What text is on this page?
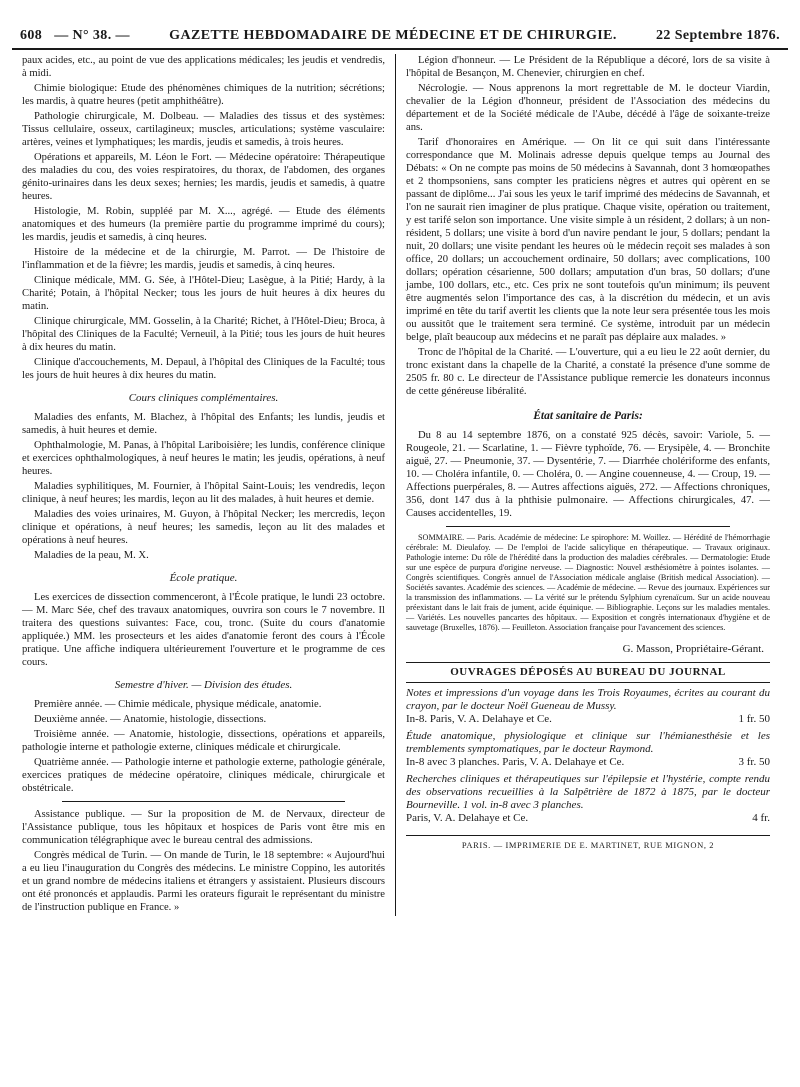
608 — N° 38. —	GAZETTE HEBDOMADAIRE DE MÉDECINE ET DE CHIRURGIE.	22 Septembre 1876.

paux acides, etc., au point de vue des applications médicales; les jeudis et vendredis, à midi.

Chimie biologique: Etude des phénomènes chimiques de la nutrition; sécrétions; les mardis, à quatre heures (petit amphithéâtre).

Pathologie chirurgicale, M. Dolbeau. — Maladies des tissus et des systèmes: Tissus cellulaire, osseux, cartilagineux; muscles, articulations; système vasculaire: artères, veines et lymphatiques; les mardis, jeudis et samedis, à trois heures.

Opérations et appareils, M. Léon le Fort. — Médecine opératoire: Thérapeutique des maladies du cou, des voies respiratoires, du thorax, de l'abdomen, des organes génito-urinaires dans les deux sexes; hernies; les mardis, jeudis et samedis, à quatre heures.

Histologie, M. Robin, suppléé par M. X..., agrégé. — Etude des éléments anatomiques et des humeurs (la première partie du programme imprimé du cours); les mardis, jeudis et samedis, à cinq heures.

Histoire de la médecine et de la chirurgie, M. Parrot. — De l'histoire de l'inflammation et de la fièvre; les mardis, jeudis et samedis, à cinq heures.

Clinique médicale, MM. G. Sée, à l'Hôtel-Dieu; Lasègue, à la Pitié; Hardy, à la Charité; Potain, à l'hôpital Necker; tous les jours de huit heures à dix heures du matin.

Clinique chirurgicale, MM. Gosselin, à la Charité; Richet, à l'Hôtel-Dieu; Broca, à l'hôpital des Cliniques de la Faculté; Verneuil, à la Pitié; tous les jours de huit heures à dix heures du matin.

Clinique d'accouchements, M. Depaul, à l'hôpital des Cliniques de la Faculté; tous les jours de huit heures à dix heures du matin.

Cours cliniques complémentaires.

Maladies des enfants, M. Blachez, à l'hôpital des Enfants; les lundis, jeudis et samedis, à huit heures et demie.

Ophthalmologie, M. Panas, à l'hôpital Lariboisière; les lundis, conférence clinique et exercices ophthalmologiques, à neuf heures le matin; les jeudis, opérations, à neuf heures.

Maladies syphilitiques, M. Fournier, à l'hôpital Saint-Louis; les vendredis, leçon clinique, à neuf heures; les mardis, leçon au lit des malades, à huit heures et demie.

Maladies des voies urinaires, M. Guyon, à l'hôpital Necker; les mercredis, leçon clinique et opérations, à neuf heures; les samedis, leçon au lit des malades et opérations à neuf heures.

Maladies de la peau, M. X.

École pratique.

Les exercices de dissection commenceront, à l'École pratique, le lundi 23 octobre. — M. Marc Sée, chef des travaux anatomiques, ouvrira son cours le 7 novembre. Il traitera des questions suivantes: Face, cou, tronc. (Suite du cours d'anatomie appliquée.) MM. les prosecteurs et les aides d'anatomie feront des cours à l'École pratique. Une affiche indiquera ultérieurement l'ouverture et le programme de ces cours.

Semestre d'hiver. — Division des études.

Première année. — Chimie médicale, physique médicale, anatomie.

Deuxième année. — Anatomie, histologie, dissections.

Troisième année. — Anatomie, histologie, dissections, opérations et appareils, pathologie interne et pathologie externe, cliniques médicale et chirurgicale.

Quatrième année. — Pathologie interne et pathologie externe, pathologie générale, exercices pratiques de médecine opératoire, cliniques médicale, chirurgicale et obstétricale.

Assistance publique. — Sur la proposition de M. de Nervaux, directeur de l'Assistance publique, tous les hôpitaux et hospices de Paris vont être mis en communication télégraphique avec le bureau central des admissions.

Congrès médical de Turin. — On mande de Turin, le 18 septembre: « Aujourd'hui a eu lieu l'inauguration du Congrès des médecins. Le ministre Coppino, les autorités et un grand nombre de médecins italiens et étrangers y assistaient. Plusieurs discours ont été prononcés et applaudis. Parmi les orateurs figurait le représentant du ministre de l'instruction publique en France. »

Légion d'honneur. — Le Président de la République a décoré, lors de sa visite à l'hôpital de Besançon, M. Chenevier, chirurgien en chef.

Nécrologie. — Nous apprenons la mort regrettable de M. le docteur Viardin, chevalier de la Légion d'honneur, président de l'Association des médecins du département et de la Société médicale de l'Aube, décédé à l'âge de soixante-treize ans.

Tarif d'honoraires en Amérique. — On lit ce qui suit dans l'intéressante correspondance que M. Molinais adresse depuis quelque temps au Journal des Débats: « On ne compte pas moins de 50 médecins à Savannah, dont 3 homœopathes et 2 thompsoniens, sans compter les praticiens nègres et autres qui opèrent en se passant de diplôme... J'ai sous les yeux le tarif imprimé des médecins de Savannah, et l'on ne saurait rien imaginer de plus pratique. Chaque visite, opération ou traitement, y est tarifé selon son importance. Une visite simple à un résident, 2 dollars; à un non-résident, 5 dollars; une visite à bord d'un navire pendant le jour, 5 dollars; pendant la nuit, 20 dollars; une visite pendant les heures où le médecin reçoit ses malades à son office, 20 dollars; un accouchement ordinaire, 50 dollars; avec complications, 100 dollars; opération césarienne, 500 dollars; amputation d'un bras, 50 dollars; d'une jambe, 100 dollars, etc., etc. Ces prix ne sont toutefois qu'un minimum; ils peuvent être augmentés selon l'importance des cas, à la discrétion du médecin, et un avis imprimé en tête du tarif avertit les clients que la note leur sera présentée tous les mois ou aussitôt que le traitement sera terminé. Ce système, introduit par un médecin belge, plaît beaucoup aux médecins et ne paraît pas déplaire aux malades. »

Tronc de l'hôpital de la Charité. — L'ouverture, qui a eu lieu le 22 août dernier, du tronc existant dans la chapelle de la Charité, a constaté la présence d'une somme de 2505 fr. 80 c. Le directeur de l'Assistance publique remercie les donateurs inconnus de cette généreuse libéralité.

État sanitaire de Paris:

Du 8 au 14 septembre 1876, on a constaté 925 décès, savoir: Variole, 5. — Rougeole, 21. — Scarlatine, 1. — Fièvre typhoïde, 76. — Erysipèle, 4. — Bronchite aiguë, 27. — Pneumonie, 37. — Dysentérie, 7. — Diarrhée cholériforme des enfants, 10. — Choléra infantile, 0. — Choléra, 0. — Angine couenneuse, 4. — Croup, 19. — Affections puerpérales, 8. — Autres affections aiguës, 272. — Affections chroniques, 356, dont 147 dus à la phthisie pulmonaire. — Affections chirurgicales, 47. — Causes accidentelles, 19.

SOMMAIRE. — Paris. Académie de médecine: Le spirophore: M. Woillez. — Hérédité de l'hémorrhagie cérébrale: M. Dieulafoy. — De l'emploi de l'acide salicylique en thérapeutique. — Travaux originaux. Pathologie interne: Du rôle de l'hérédité dans la production des maladies cérébrales. — Dermatologie: Etude sur une espèce de purpura d'origine nerveuse. — Diagnostic: Nouvel æsthésiomètre à pointes isolantes. — Congrès scientifiques. Congrès annuel de l'Association médicale anglaise (British medical Association). — Sociétés savantes. Académie des sciences. — Académie de médecine. — Revue des journaux. Expériences sur la transmission des inflammations. — La vérité sur le prétendu Sylphium cyrenaïcum. Sur un acide nouveau préexistant dans le lait frais de jument, acide équinique. — Bibliographie. Leçons sur les maladies mentales. — Variétés. Les nouvelles pancartes des hôpitaux. — Exposition et congrès internationaux d'hygiène et de sauvetage (Bruxelles, 1876). — Feuilleton. Association française pour l'avancement des sciences.

G. Masson, Propriétaire-Gérant.
OUVRAGES DÉPOSÉS AU BUREAU DU JOURNAL
Notes et impressions d'un voyage dans les Trois Royaumes, écrites au courant du crayon, par le docteur Noël Gueneau de Mussy.
In-8. Paris, V. A. Delahaye et Ce.	1 fr. 50
Étude anatomique, physiologique et clinique sur l'hémianesthésie et les tremblements symptomatiques, par le docteur Raymond.
In-8 avec 3 planches. Paris, V. A. Delahaye et Ce.	3 fr. 50
Recherches cliniques et thérapeutiques sur l'épilepsie et l'hystérie, compte rendu des observations recueillies à la Salpêtrière de 1872 à 1875, par le docteur Bourneville. 1 vol. in-8 avec 3 planches.
Paris, V. A. Delahaye et Ce.	4 fr.
PARIS. — IMPRIMERIE DE E. MARTINET, RUE MIGNON, 2
